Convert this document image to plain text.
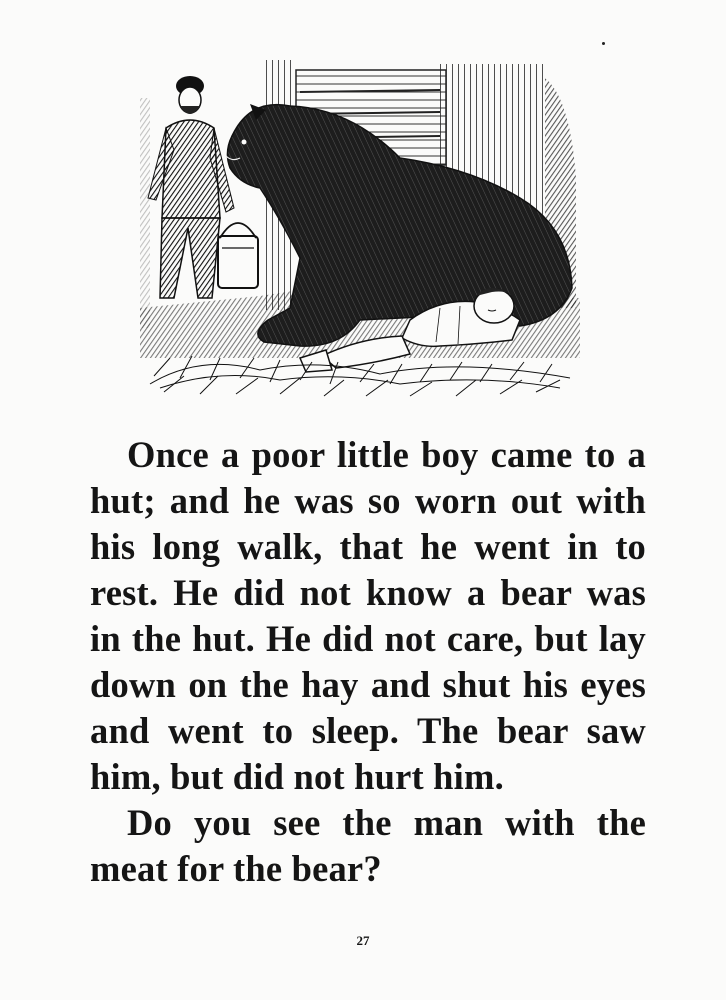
Once a poor little boy came to a hut; and he was so worn out with his long walk, that he went in to rest. He did not know a bear was in the hut. He did not care, but lay down on the hay and shut his eyes and went to sleep. The bear saw him, but did not hurt him.

Do you see the man with the meat for the bear?

27
